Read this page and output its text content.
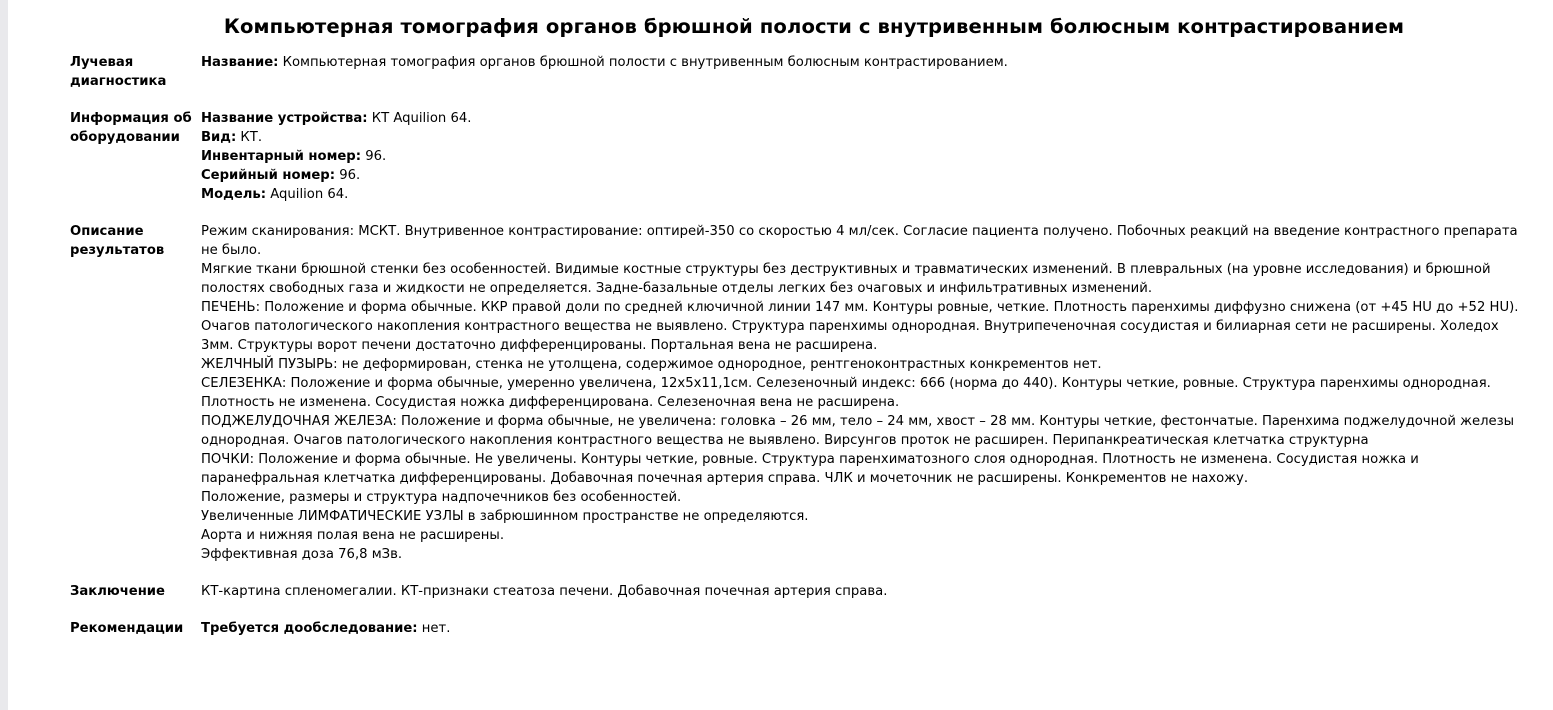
Компьютерная томография органов брюшной полости с внутривенным болюсным контрастированием
Лучевая диагностика
Название: Компьютерная томография органов брюшной полости с внутривенным болюсным контрастированием.
Информация об оборудовании
Название устройства: КТ Aquilion 64.
Вид: КТ.
Инвентарный номер: 96.
Серийный номер: 96.
Модель: Aquilion 64.
Описание результатов
Режим сканирования: МСКТ. Внутривенное контрастирование: оптирей-350 со скоростью 4 мл/сек. Согласие пациента получено. Побочных реакций на введение контрастного препарата не было.
Мягкие ткани брюшной стенки без особенностей. Видимые костные структуры без деструктивных и травматических изменений. В плевральных (на уровне исследования) и брюшной полостях свободных газа и жидкости не определяется. Задне-базальные отделы легких без очаговых и инфильтративных изменений.
ПЕЧЕНЬ: Положение и форма обычные. ККР правой доли по средней ключичной линии 147 мм. Контуры ровные, четкие. Плотность паренхимы диффузно снижена (от +45 HU до +52 HU). Очагов патологического накопления контрастного вещества не выявлено. Структура паренхимы однородная. Внутрипеченочная сосудистая и билиарная сети не расширены. Холедох 3мм. Структуры ворот печени достаточно дифференцированы. Портальная вена не расширена.
ЖЕЛЧНЫЙ ПУЗЫРЬ: не деформирован, стенка не утолщена, содержимое однородное, рентгеноконтрастных конкрементов нет.
СЕЛЕЗЕНКА: Положение и форма обычные, умеренно увеличена, 12х5х11,1см. Селезеночный индекс: 666 (норма до 440). Контуры четкие, ровные. Структура паренхимы однородная. Плотность не изменена. Сосудистая ножка дифференцирована. Селезеночная вена не расширена.
ПОДЖЕЛУДОЧНАЯ ЖЕЛЕЗА: Положение и форма обычные, не увеличена: головка – 26 мм, тело – 24 мм, хвост – 28 мм. Контуры четкие, фестончатые. Паренхима поджелудочной железы однородная. Очагов патологического накопления контрастного вещества не выявлено. Вирсунгов проток не расширен. Перипанкреатическая клетчатка структурна
ПОЧКИ: Положение и форма обычные. Не увеличены. Контуры четкие, ровные. Структура паренхиматозного слоя однородная. Плотность не изменена. Сосудистая ножка и паранефральная клетчатка дифференцированы. Добавочная почечная артерия справа. ЧЛК и мочеточник не расширены. Конкрементов не нахожу.
Положение, размеры и структура надпочечников без особенностей.
Увеличенные ЛИМФАТИЧЕСКИЕ УЗЛЫ в забрюшинном пространстве не определяются.
Аорта и нижняя полая вена не расширены.
Эффективная доза 76,8 мЗв.
Заключение	КТ-картина спленомегалии. КТ-признаки стеатоза печени. Добавочная почечная артерия справа.
Рекомендации	Требуется дообследование: нет.
